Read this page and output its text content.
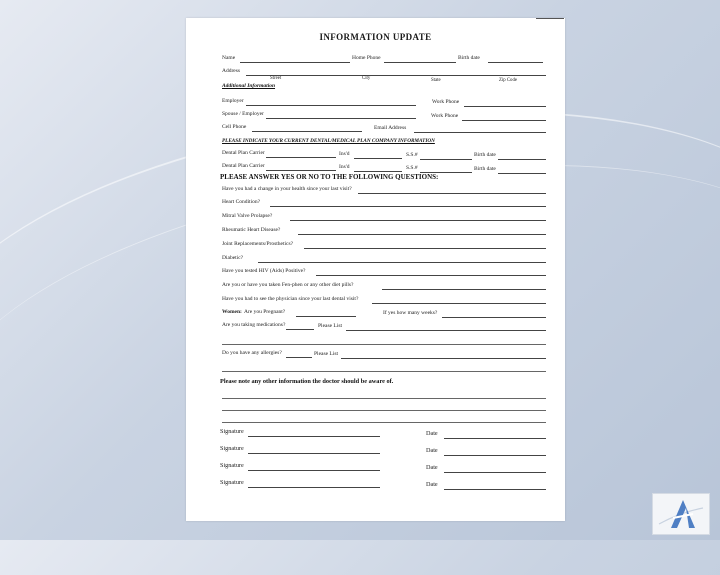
INFORMATION UPDATE
Name	Home Phone	Birth date
Address
Street	City	State	Zip Code
Additional Information
Employer	Work Phone
Spouse / Employer	Work Phone
Cell Phone	Email Address
PLEASE INDICATE YOUR CURRENT DENTAL/MEDICAL PLAN COMPANY INFORMATION
Dental Plan Carrier	Ins'd	S.S.#	Birth date
Dental Plan Carrier	Ins'd	S.S.#	Birth date
PLEASE ANSWER YES OR NO TO THE FOLLOWING QUESTIONS:
Have you had a change in your health since your last visit?
Heart Condition?
Mitral Valve Prolapse?
Rheumatic Heart Disease?
Joint Replacements/Prosthetics?
Diabetic?
Have you tested HIV (Aids) Positive?
Are you or have you taken Fen-phen or any other diet pills?
Have you had to see the physician since your last dental visit?
Women: Are you Pregnant?	If yes how many weeks?
Are you taking medications?	Please List
Do you have any allergies?	Please List
Please note any other information the doctor should be aware of.
Signature	Date
Signature	Date
Signature	Date
Signature	Date
